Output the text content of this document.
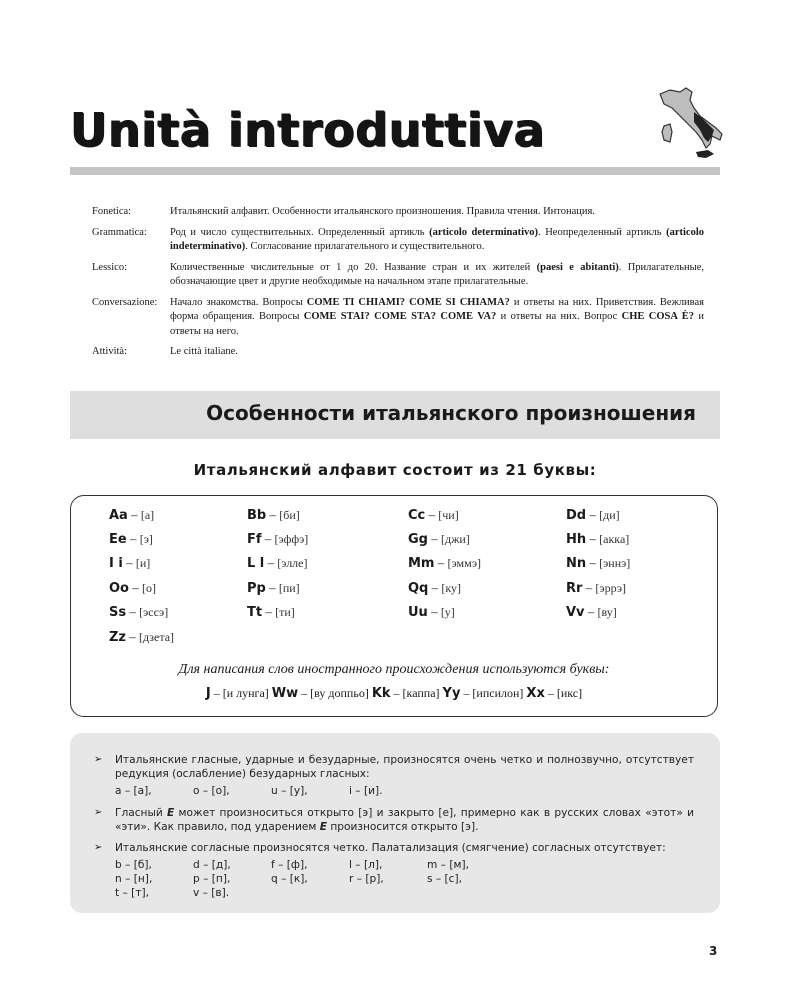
Unità introduttiva
Fonetica:	Итальянский алфавит. Особенности итальянского произношения. Правила чтения. Интонация.
Grammatica:	Род и число существительных. Определенный артикль (articolo determinativo). Неопределенный артикль (articolo indeterminativo). Согласование прилагательного и существительного.
Lessico:	Количественные числительные от 1 до 20. Название стран и их жителей (paesi e abitanti). Прилагательные, обозначающие цвет и другие необходимые на начальном этапе прилагательные.
Conversazione:	Начало знакомства. Вопросы COME TI CHIAMI? COME SI CHIAMA? и ответы на них. Приветствия. Вежливая форма обращения. Вопросы COME STAI? COME STA? COME VA? и ответы на них. Вопрос CHE COSA È? и ответы на него.
Attività:	Le città italiane.
Особенности итальянского произношения
Итальянский алфавит состоит из 21 буквы:
Aa – [а]	Bb – [би]	Cc – [чи]	Dd – [ди]
Ee – [э]	Ff – [эффэ]	Gg – [джи]	Hh – [акка]
I i – [и]	L l – [элле]	Mm – [эммэ]	Nn – [эннэ]
Oo – [о]	Pp – [пи]	Qq – [ку]	Rr – [эррэ]
Ss – [эссэ]	Tt – [ти]	Uu – [у]	Vv – [ву]
Zz – [дзета]
Для написания слов иностранного происхождения используются буквы:
J – [и лунга] Ww – [ву доппьо] Kk – [каппа] Yy – [ипсилон] Xx – [икс]
➢ Итальянские гласные, ударные и безударные, произносятся очень четко и полнозвучно, отсутствует редукция (ослабление) безударных гласных:
a – [а],	o – [о],	u – [у],	i – [и].
➢ Гласный E может произноситься открыто [э] и закрыто [е], примерно как в русских словах «этот» и «эти». Как правило, под ударением E произносится открыто [э].
➢ Итальянские согласные произносятся четко. Палатализация (смягчение) согласных отсутствует:
b – [б],	d – [д],	f – [ф],	l – [л],	m – [м],
n – [н],	p – [п],	q – [к],	r – [р],	s – [с],
t – [т],	v – [в].
3
